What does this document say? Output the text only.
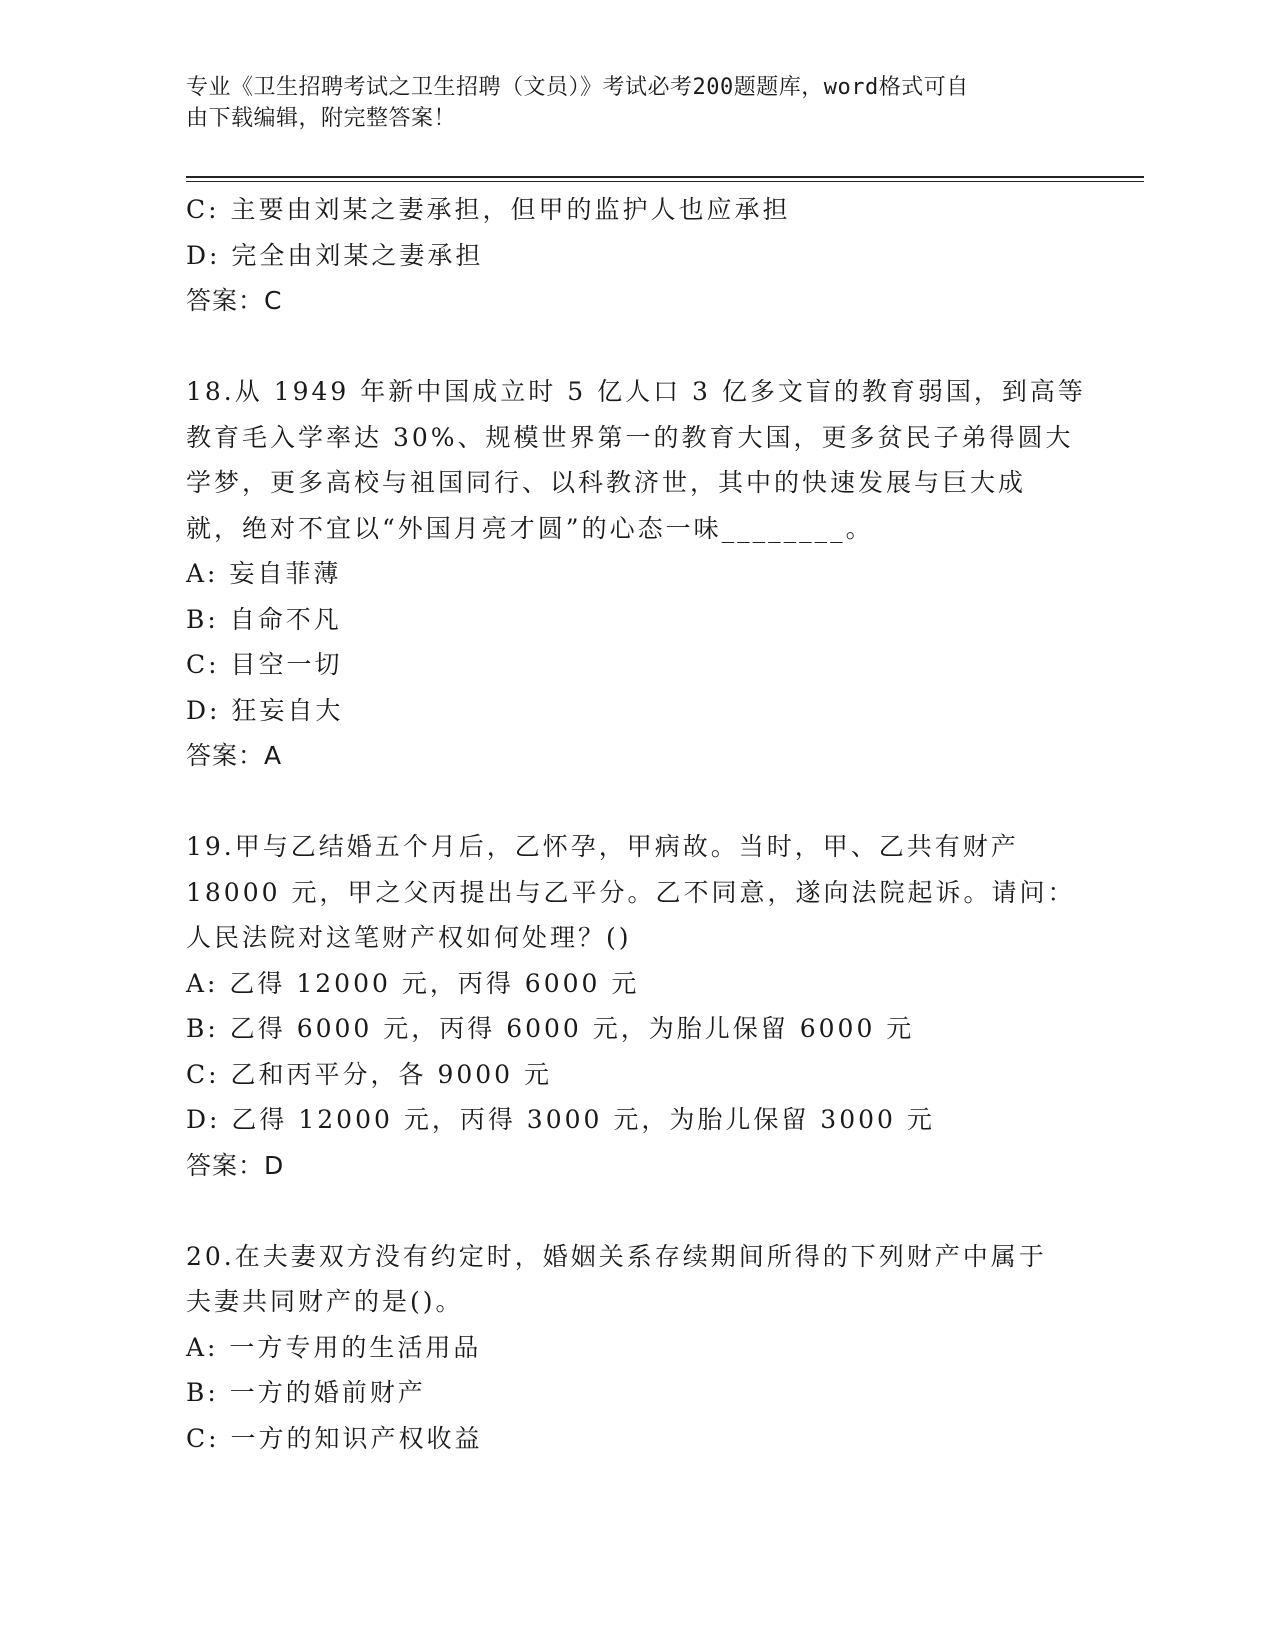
专业《卫生招聘考试之卫生招聘（文员）》考试必考200题题库，word格式可自
由下载编辑，附完整答案！
C: 主要由刘某之妻承担，但甲的监护人也应承担
D: 完全由刘某之妻承担
答案：C
18.从 1949 年新中国成立时 5 亿人口 3 亿多文盲的教育弱国，到高等
教育毛入学率达 30%、规模世界第一的教育大国，更多贫民子弟得圆大
学梦，更多高校与祖国同行、以科教济世，其中的快速发展与巨大成
就，绝对不宜以“外国月亮才圆”的心态一味________。
A: 妄自菲薄
B: 自命不凡
C: 目空一切
D: 狂妄自大
答案：A
19.甲与乙结婚五个月后，乙怀孕，甲病故。当时，甲、乙共有财产
18000 元，甲之父丙提出与乙平分。乙不同意，遂向法院起诉。请问：
人民法院对这笔财产权如何处理？()
A: 乙得 12000 元，丙得 6000 元
B: 乙得 6000 元，丙得 6000 元，为胎儿保留 6000 元
C: 乙和丙平分，各 9000 元
D: 乙得 12000 元，丙得 3000 元，为胎儿保留 3000 元
答案：D
20.在夫妻双方没有约定时，婚姻关系存续期间所得的下列财产中属于
夫妻共同财产的是()。
A: 一方专用的生活用品
B: 一方的婚前财产
C: 一方的知识产权收益
